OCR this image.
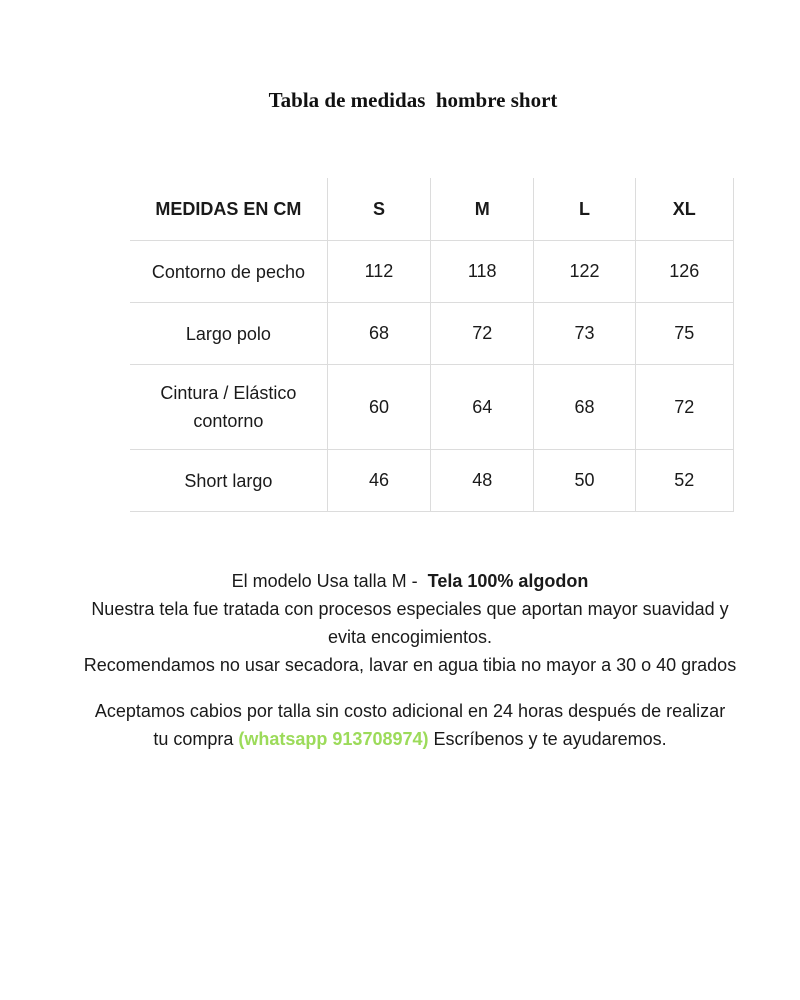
Tabla de medidas  hombre short
MEDIDAS EN CM	S	M	L	XL
Contorno de pecho	112	118	122	126
Largo polo	68	72	73	75
Cintura / Elástico
contorno	60	64	68	72
Short largo	46	48	50	52

El modelo Usa talla M -  Tela 100% algodon

Nuestra tela fue tratada con procesos especiales que aportan mayor suavidad y

evita encogimientos.

Recomendamos no usar secadora, lavar en agua tibia no mayor a 30 o 40 grados

Aceptamos cabios por talla sin costo adicional en 24 horas después de realizar

tu compra (whatsapp 913708974) Escríbenos y te ayudaremos.
